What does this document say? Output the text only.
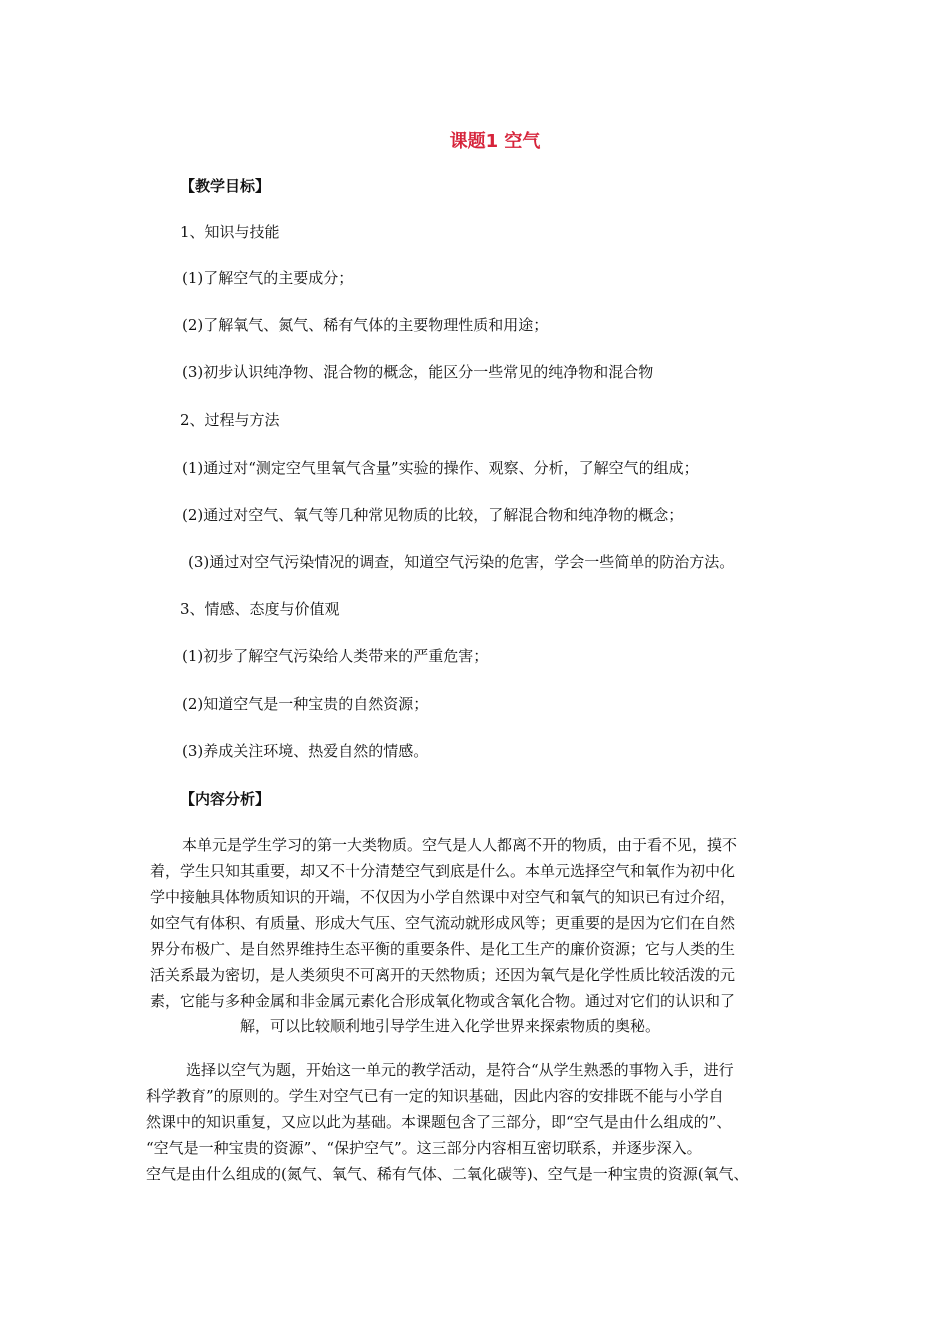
课题1 空气
【教学目标】
1、知识与技能
(1)了解空气的主要成分；
(2)了解氧气、氮气、稀有气体的主要物理性质和用途；
(3)初步认识纯净物、混合物的概念，能区分一些常见的纯净物和混合物
2、过程与方法
(1)通过对“测定空气里氧气含量”实验的操作、观察、分析，了解空气的组成；
(2)通过对空气、氧气等几种常见物质的比较，了解混合物和纯净物的概念；
(3)通过对空气污染情况的调查，知道空气污染的危害，学会一些简单的防治方法。
3、情感、态度与价值观
(1)初步了解空气污染给人类带来的严重危害；
(2)知道空气是一种宝贵的自然资源；
(3)养成关注环境、热爱自然的情感。
【内容分析】
本单元是学生学习的第一大类物质。空气是人人都离不开的物质，由于看不见，摸不
着，学生只知其重要，却又不十分清楚空气到底是什么。本单元选择空气和氧作为初中化
学中接触具体物质知识的开端，不仅因为小学自然课中对空气和氧气的知识已有过介绍，
如空气有体积、有质量、形成大气压、空气流动就形成风等；更重要的是因为它们在自然
界分布极广、是自然界维持生态平衡的重要条件、是化工生产的廉价资源；它与人类的生
活关系最为密切，是人类须臾不可离开的天然物质；还因为氧气是化学性质比较活泼的元
素，它能与多种金属和非金属元素化合形成氧化物或含氧化合物。通过对它们的认识和了
解，可以比较顺利地引导学生进入化学世界来探索物质的奥秘。
选择以空气为题，开始这一单元的教学活动，是符合“从学生熟悉的事物入手，进行
科学教育”的原则的。学生对空气已有一定的知识基础，因此内容的安排既不能与小学自
然课中的知识重复，又应以此为基础。本课题包含了三部分，即“空气是由什么组成的”、
“空气是一种宝贵的资源”、“保护空气”。这三部分内容相互密切联系，并逐步深入。
空气是由什么组成的(氮气、氧气、稀有气体、二氧化碳等)、空气是一种宝贵的资源(氧气、
